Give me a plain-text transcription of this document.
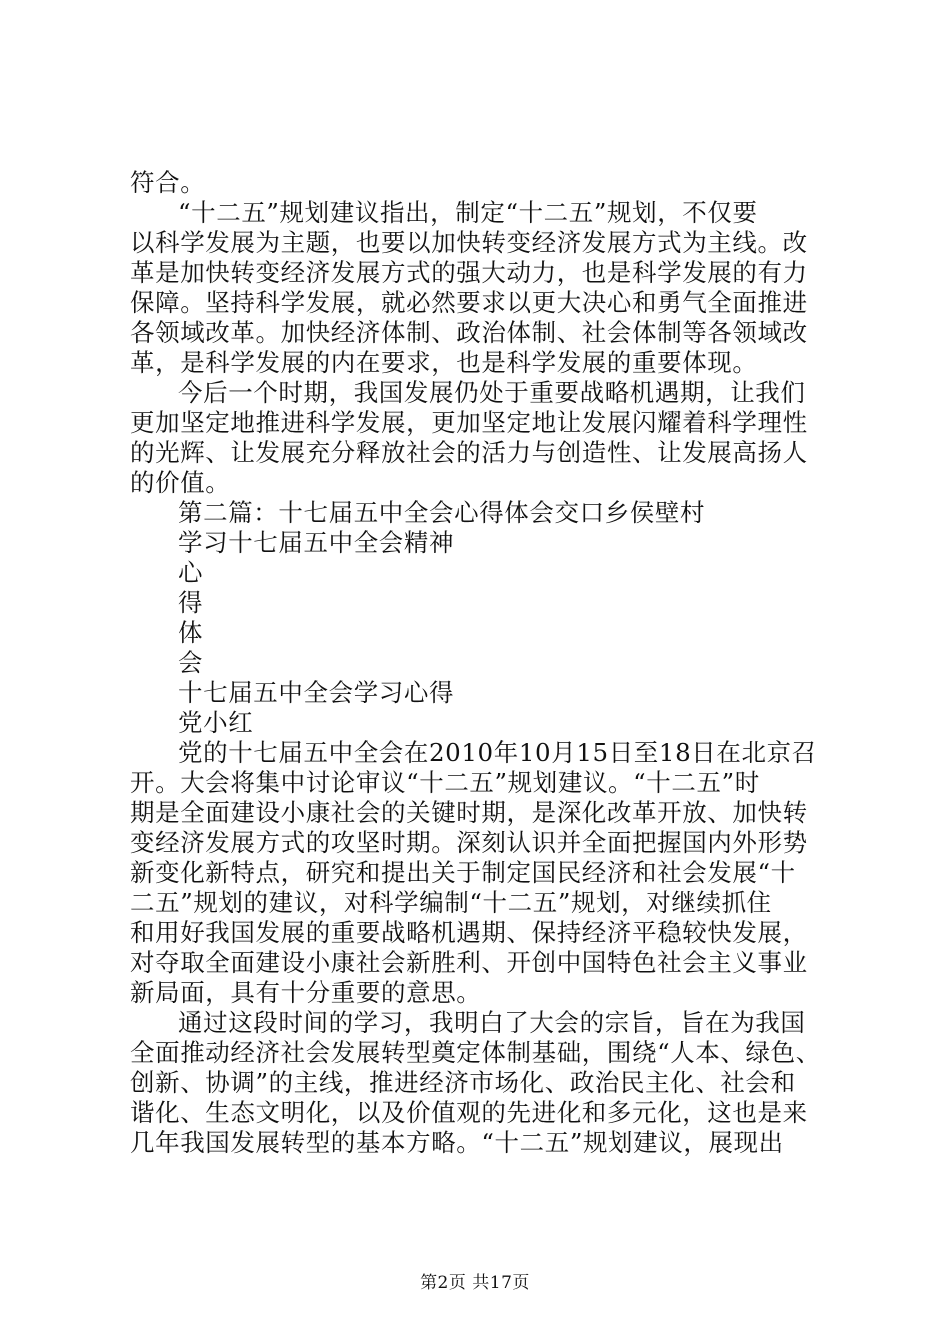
符合。
“十二五”规划建议指出，制定“十二五”规划，不仅要
以科学发展为主题，也要以加快转变经济发展方式为主线。改
革是加快转变经济发展方式的强大动力，也是科学发展的有力
保障。坚持科学发展，就必然要求以更大决心和勇气全面推进
各领域改革。加快经济体制、政治体制、社会体制等各领域改
革，是科学发展的内在要求，也是科学发展的重要体现。
今后一个时期，我国发展仍处于重要战略机遇期，让我们
更加坚定地推进科学发展，更加坚定地让发展闪耀着科学理性
的光辉、让发展充分释放社会的活力与创造性、让发展高扬人
的价值。
第二篇：十七届五中全会心得体会交口乡侯壁村
学习十七届五中全会精神
心
得
体
会
十七届五中全会学习心得
党小红
党的十七届五中全会在2010年10月15日至18日在北京召
开。大会将集中讨论审议“十二五”规划建议。“十二五”时
期是全面建设小康社会的关键时期，是深化改革开放、加快转
变经济发展方式的攻坚时期。深刻认识并全面把握国内外形势
新变化新特点，研究和提出关于制定国民经济和社会发展“十
二五”规划的建议，对科学编制“十二五”规划，对继续抓住
和用好我国发展的重要战略机遇期、保持经济平稳较快发展，
对夺取全面建设小康社会新胜利、开创中国特色社会主义事业
新局面，具有十分重要的意思。
通过这段时间的学习，我明白了大会的宗旨，旨在为我国
全面推动经济社会发展转型奠定体制基础，围绕“人本、绿色、
创新、协调”的主线，推进经济市场化、政治民主化、社会和
谐化、生态文明化，以及价值观的先进化和多元化，这也是来
几年我国发展转型的基本方略。“十二五”规划建议，展现出
第2页 共17页
